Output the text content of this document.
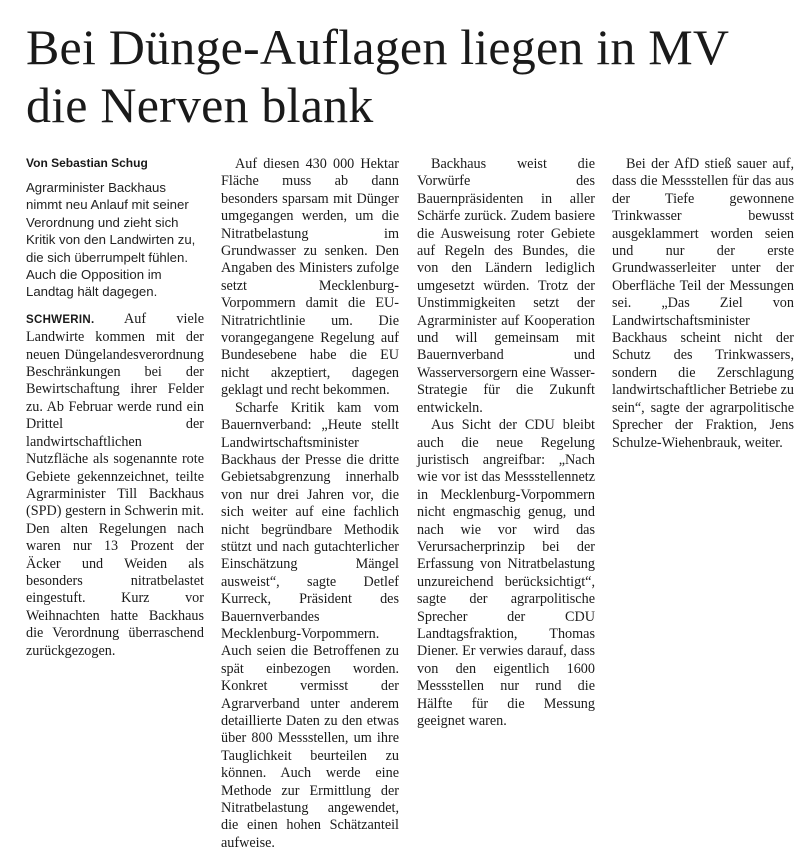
Bei Dünge-Auflagen liegen in MV die Nerven blank

Von Sebastian Schug

Agrarminister Backhaus nimmt neu Anlauf mit seiner Verordnung und zieht sich Kritik von den Landwirten zu, die sich überrumpelt fühlen. Auch die Opposition im Landtag hält dagegen.

SCHWERIN. Auf viele Landwirte kommen mit der neuen Düngelandesverordnung Beschränkungen bei der Bewirtschaftung ihrer Felder zu. Ab Februar werde rund ein Drittel der landwirtschaftlichen Nutzfläche als sogenannte rote Gebiete gekennzeichnet, teilte Agrarminister Till Backhaus (SPD) gestern in Schwerin mit. Den alten Regelungen nach waren nur 13 Prozent der Äcker und Weiden als besonders nitratbelastet eingestuft. Kurz vor Weihnachten hatte Backhaus die Verordnung überraschend zurückgezogen.

Auf diesen 430 000 Hektar Fläche muss ab dann besonders sparsam mit Dünger umgegangen werden, um die Nitratbelastung im Grundwasser zu senken. Den Angaben des Ministers zufolge setzt Mecklenburg-Vorpommern damit die EU-Nitratrichtlinie um. Die vorangegangene Regelung auf Bundesebene habe die EU nicht akzeptiert, dagegen geklagt und recht bekommen.

Scharfe Kritik kam vom Bauernverband: „Heute stellt Landwirtschaftsminister Backhaus der Presse die dritte Gebietsabgrenzung innerhalb von nur drei Jahren vor, die sich weiter auf eine fachlich nicht begründbare Methodik stützt und nach gutachterlicher Einschätzung Mängel ausweist“, sagte Detlef Kurreck, Präsident des Bauernverbandes Mecklenburg-Vorpommern. Auch seien die Betroffenen zu spät einbezogen worden. Konkret vermisst der Agrarverband unter anderem detaillierte Daten zu den etwas über 800 Messstellen, um ihre Tauglichkeit beurteilen zu können. Auch werde eine Methode zur Ermittlung der Nitratbelastung angewendet, die einen hohen Schätzanteil aufweise.

Backhaus weist die Vorwürfe des Bauernpräsidenten in aller Schärfe zurück. Zudem basiere die Ausweisung roter Gebiete auf Regeln des Bundes, die von den Ländern lediglich umgesetzt würden. Trotz der Unstimmigkeiten setzt der Agrarminister auf Kooperation und will gemeinsam mit Bauernverband und Wasserversorgern eine Wasser-Strategie für die Zukunft entwickeln.

Aus Sicht der CDU bleibt auch die neue Regelung juristisch angreifbar: „Nach wie vor ist das Messstellennetz in Mecklenburg-Vorpommern nicht engmaschig genug, und nach wie vor wird das Verursacherprinzip bei der Erfassung von Nitratbelastung unzureichend berücksichtigt“, sagte der agrarpolitische Sprecher der CDU Landtagsfraktion, Thomas Diener. Er verwies darauf, dass von den eigentlich 1600 Messstellen nur rund die Hälfte für die Messung geeignet waren.

Bei der AfD stieß sauer auf, dass die Messstellen für das aus der Tiefe gewonnene Trinkwasser bewusst ausgeklammert worden seien und nur der erste Grundwasserleiter unter der Oberfläche Teil der Messungen sei. „Das Ziel von Landwirtschaftsminister Backhaus scheint nicht der Schutz des Trinkwassers, sondern die Zerschlagung landwirtschaftlicher Betriebe zu sein“, sagte der agrarpolitische Sprecher der Fraktion, Jens Schulze-Wiehenbrauk, weiter.
